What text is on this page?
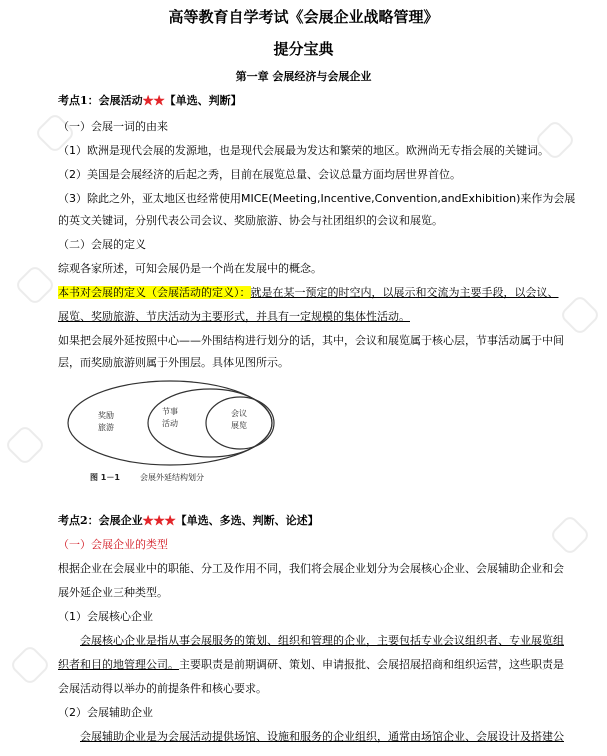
高等教育自学考试《会展企业战略管理》
提分宝典
第一章 会展经济与会展企业
考点1：会展活动★★【单选、判断】
（一）会展一词的由来
（1）欧洲是现代会展的发源地，也是现代会展最为发达和繁荣的地区。欧洲尚无专指会展的关键词。
（2）美国是会展经济的后起之秀，目前在展览总量、会议总量方面均居世界首位。
（3）除此之外，亚太地区也经常使用MICE(Meeting,Incentive,Convention,andExhibition)来作为会展
的英文关键词，分别代表公司会议、奖励旅游、协会与社团组织的会议和展览。
（二）会展的定义
综观各家所述，可知会展仍是一个尚在发展中的概念。
本书对会展的定义（会展活动的定义）：就是在某一预定的时空内，以展示和交流为主要手段，以会议、
展览、奖励旅游、节庆活动为主要形式，并具有一定规模的集体性活动。
如果把会展外延按照中心——外围结构进行划分的话，其中，会议和展览属于核心层，节事活动属于中间
层，而奖励旅游则属于外围层。具体见图所示。
奖励
旅游
节事
活动
会议
展览
图 1－1	会展外延结构划分
考点2：会展企业★★★【单选、多选、判断、论述】
（一）会展企业的类型
根据企业在会展业中的职能、分工及作用不同，我们将会展企业划分为会展核心企业、会展辅助企业和会
展外延企业三种类型。
（1）会展核心企业
会展核心企业是指从事会展服务的策划、组织和管理的企业，主要包括专业会议组织者、专业展览组
织者和目的地管理公司。主要职责是前期调研、策划、申请报批、会展招展招商和组织运营，这些职责是
会展活动得以举办的前提条件和核心要求。
（2）会展辅助企业
会展辅助企业是为会展活动提供场馆、设施和服务的企业组织，通常由场馆企业、会展设计及搭建公
